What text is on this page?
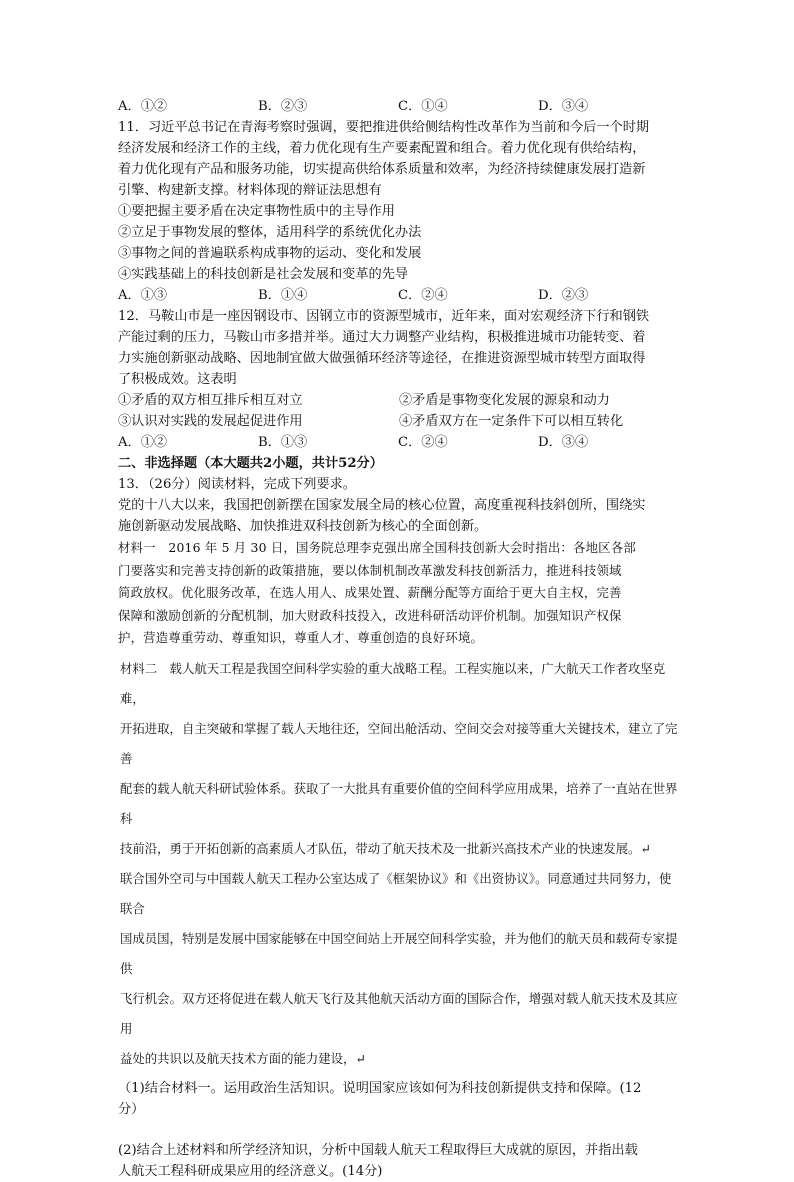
A．①②	B．②③	C．①④	D．③④
11．习近平总书记在青海考察时强调，要把推进供给侧结构性改革作为当前和今后一个时期
经济发展和经济工作的主线，着力优化现有生产要素配置和组合。着力优化现有供给结构，
着力优化现有产品和服务功能，切实提高供给体系质量和效率，为经济持续健康发展打造新
引擎、构建新支撑。材料体现的辩证法思想有
①要把握主要矛盾在决定事物性质中的主导作用
②立足于事物发展的整体，适用科学的系统优化办法
③事物之间的普遍联系构成事物的运动、变化和发展
④实践基础上的科技创新是社会发展和变革的先导
A．①③	B．①④	C．②④	D．②③
12．马鞍山市是一座因钢设市、因钢立市的资源型城市，近年来，面对宏观经济下行和钢铁
产能过剩的压力，马鞍山市多措并举。通过大力调整产业结构，积极推进城市功能转变、着
力实施创新驱动战略、因地制宜做大做强循环经济等途径，在推进资源型城市转型方面取得
了积极成效。这表明
①矛盾的双方相互排斥相互对立	②矛盾是事物变化发展的源泉和动力
③认识对实践的发展起促进作用	④矛盾双方在一定条件下可以相互转化
A．①②	B．①③	C．②④	D．③④
二、非选择题（本大题共2小题，共计52分）
13．（26分）阅读材料，完成下列要求。
党的十八大以来，我国把创新摆在国家发展全局的核心位置，高度重视科技斜创所，围绕实
施创新驱动发展战略、加快推进双科技创新为核心的全面创新。
材料一　2016 年 5 月 30 日，国务院总理李克强出席全国科技创新大会时指出：各地区各部
门要落实和完善支持创新的政策措施，要以体制机制改革激发科技创新活力，推进科技领域
简政放权。优化服务改革，在选人用人、成果处置、薪酬分配等方面给于更大自主权，完善
保障和激励创新的分配机制，加大财政科技投入，改进科研活动评价机制。加强知识产权保
护，营造尊重劳动、尊重知识，尊重人才、尊重创造的良好环境。
材料二　载人航天工程是我国空间科学实验的重大战略工程。工程实施以来，广大航天工作者攻坚克难，
开拓进取，自主突破和掌握了载人天地往还，空间出舱活动、空间交会对接等重大关键技术，建立了完善
配套的载人航天科研试验体系。获取了一大批具有重要价值的空间科学应用成果，培养了一直站在世界科
技前沿，勇于开拓创新的高素质人才队伍，带动了航天技术及一批新兴高技术产业的快速发展。↵
联合国外空司与中国载人航天工程办公室达成了《框架协议》和《出资协议》。同意通过共同努力，使联合
国成员国，特别是发展中国家能够在中国空间站上开展空间科学实验，并为他们的航天员和载荷专家提供
飞行机会。双方还将促进在载人航天飞行及其他航天活动方面的国际合作，增强对载人航天技术及其应用
益处的共识以及航天技术方面的能力建设，↵
（1)结合材料一。运用政治生活知识。说明国家应该如何为科技创新提供支持和保障。(12
分）
(2)结合上述材料和所学经济知识，分析中国载人航天工程取得巨大成就的原因，并指出载
人航天工程科研成果应用的经济意义。(14分)
